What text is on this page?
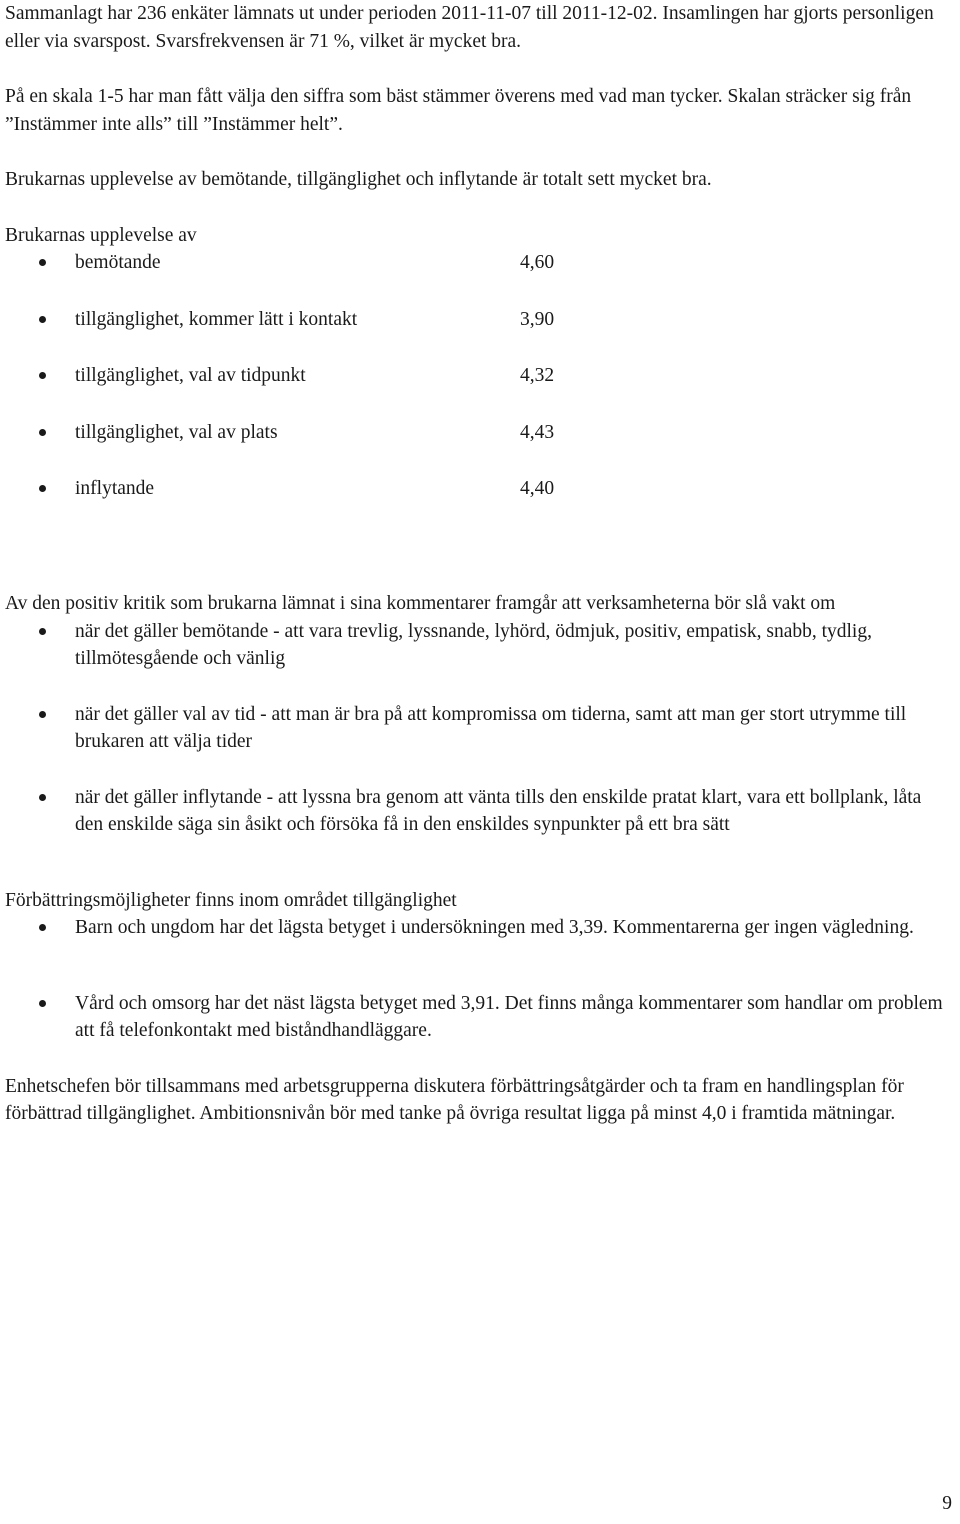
Sammanlagt har 236 enkäter lämnats ut under perioden 2011-11-07 till 2011-12-02. Insamlingen har gjorts personligen eller via svarspost. Svarsfrekvensen är 71 %, vilket är mycket bra.

På en skala 1-5 har man fått välja den siffra som bäst stämmer överens med vad man tycker. Skalan sträcker sig från ”Instämmer inte alls” till ”Instämmer helt”.

Brukarnas upplevelse av bemötande, tillgänglighet och inflytande är totalt sett mycket bra.

Brukarnas upplevelse av

bemötande	4,60
tillgänglighet, kommer lätt i kontakt	3,90
tillgänglighet, val av tidpunkt	4,32
tillgänglighet, val av plats	4,43
inflytande	4,40

Av den positiv kritik som brukarna lämnat i sina kommentarer framgår att verksamheterna bör slå vakt om

när det gäller bemötande - att vara trevlig, lyssnande, lyhörd, ödmjuk, positiv, empatisk, snabb, tydlig, tillmötesgående och vänlig
när det gäller val av tid - att man är bra på att kompromissa om tiderna, samt att man ger stort utrymme till brukaren att välja tider
när det gäller inflytande - att lyssna bra genom att vänta tills den enskilde pratat klart, vara ett bollplank, låta den enskilde säga sin åsikt och försöka få in den enskildes synpunkter på ett bra sätt

Förbättringsmöjligheter finns inom området tillgänglighet

Barn och ungdom har det lägsta betyget i undersökningen med 3,39. Kommentarerna ger ingen vägledning.
Vård och omsorg har det näst lägsta betyget med 3,91. Det finns många kommentarer som handlar om problem att få telefonkontakt med biståndhandläggare.

Enhetschefen bör tillsammans med arbetsgrupperna diskutera förbättringsåtgärder och ta fram en handlingsplan för förbättrad tillgänglighet. Ambitionsnivån bör med tanke på övriga resultat ligga på minst 4,0 i framtida mätningar.

9
